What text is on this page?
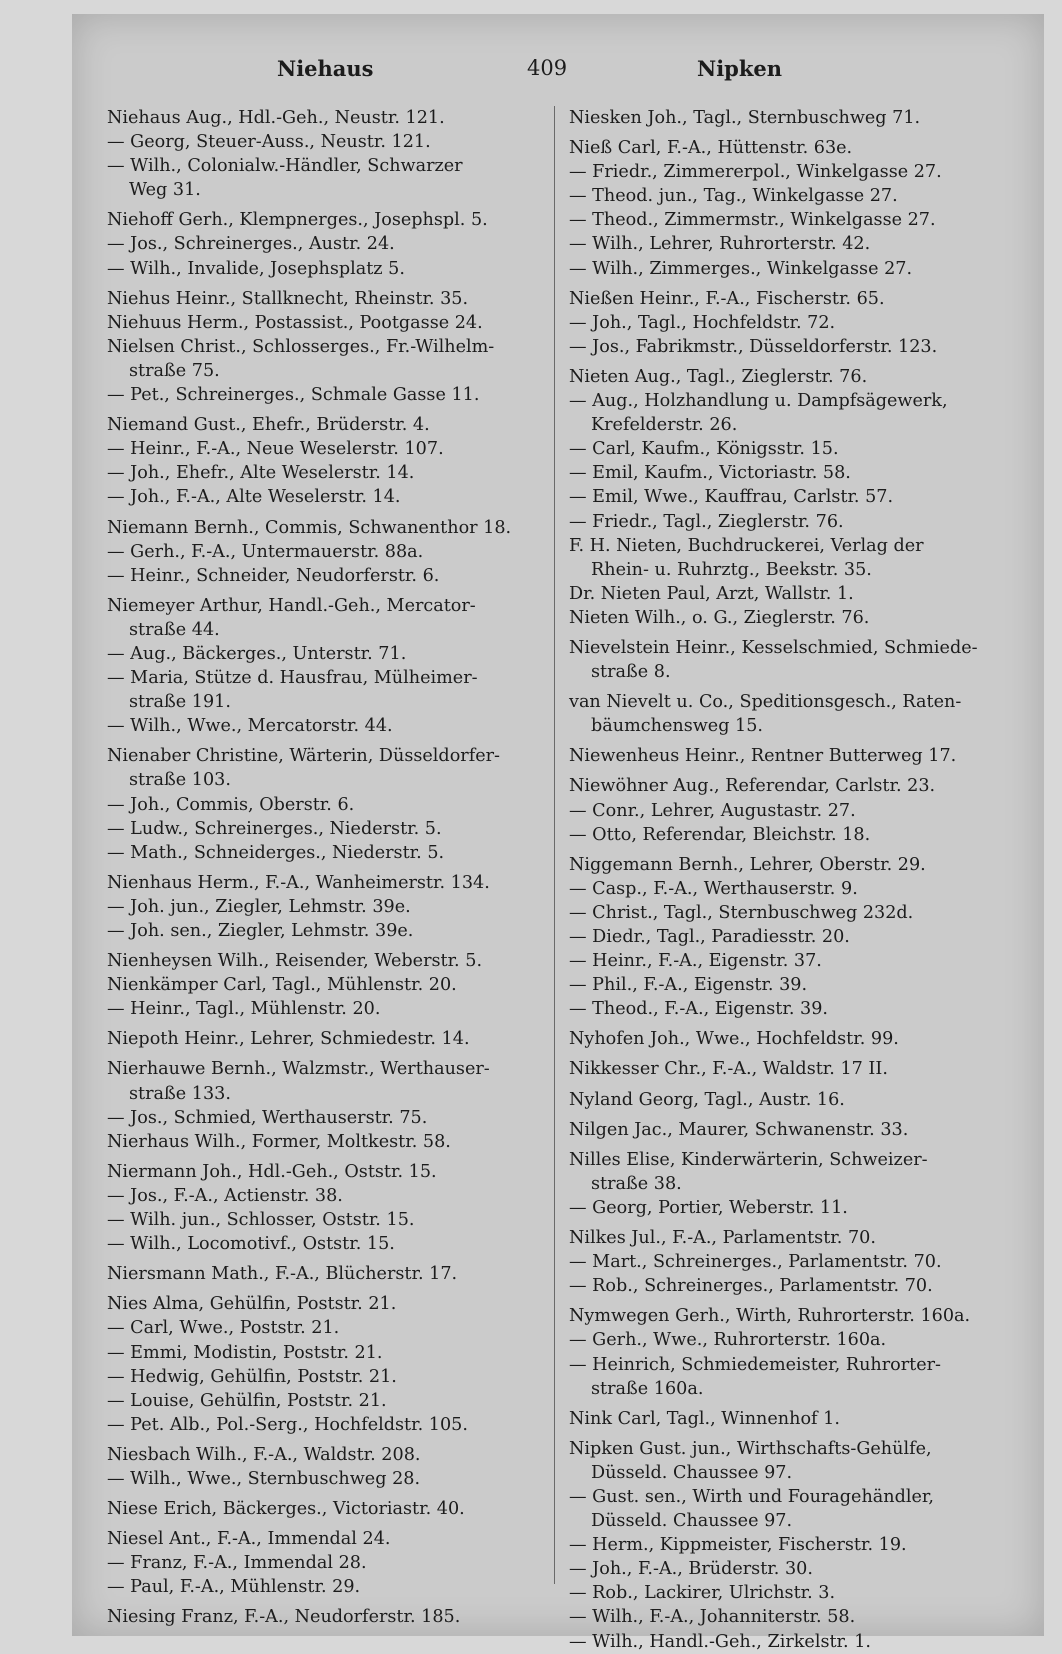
Niehaus	409	Nipken
Niehaus Aug., Hdl.-Geh., Neustr. 121.
— Georg, Steuer-Auss., Neustr. 121.
— Wilh., Colonialw.-Händler, Schwarzer
Weg 31.
Niehoff Gerh., Klempnerges., Josephspl. 5.
— Jos., Schreinerges., Austr. 24.
— Wilh., Invalide, Josephsplatz 5.
Niehus Heinr., Stallknecht, Rheinstr. 35.
Niehuus Herm., Postassist., Pootgasse 24.
Nielsen Christ., Schlosserges., Fr.-Wilhelm-
straße 75.
— Pet., Schreinerges., Schmale Gasse 11.
Niemand Gust., Ehefr., Brüderstr. 4.
— Heinr., F.-A., Neue Weselerstr. 107.
— Joh., Ehefr., Alte Weselerstr. 14.
— Joh., F.-A., Alte Weselerstr. 14.
Niemann Bernh., Commis, Schwanenthor 18.
— Gerh., F.-A., Untermauerstr. 88a.
— Heinr., Schneider, Neudorferstr. 6.
Niemeyer Arthur, Handl.-Geh., Mercator-
straße 44.
— Aug., Bäckerges., Unterstr. 71.
— Maria, Stütze d. Hausfrau, Mülheimer-
straße 191.
— Wilh., Wwe., Mercatorstr. 44.
Nienaber Christine, Wärterin, Düsseldorfer-
straße 103.
— Joh., Commis, Oberstr. 6.
— Ludw., Schreinerges., Niederstr. 5.
— Math., Schneiderges., Niederstr. 5.
Nienhaus Herm., F.-A., Wanheimerstr. 134.
— Joh. jun., Ziegler, Lehmstr. 39e.
— Joh. sen., Ziegler, Lehmstr. 39e.
Nienheysen Wilh., Reisender, Weberstr. 5.
Nienkämper Carl, Tagl., Mühlenstr. 20.
— Heinr., Tagl., Mühlenstr. 20.
Niepoth Heinr., Lehrer, Schmiedestr. 14.
Nierhauwe Bernh., Walzmstr., Werthauser-
straße 133.
— Jos., Schmied, Werthauserstr. 75.
Nierhaus Wilh., Former, Moltkestr. 58.
Niermann Joh., Hdl.-Geh., Oststr. 15.
— Jos., F.-A., Actienstr. 38.
— Wilh. jun., Schlosser, Oststr. 15.
— Wilh., Locomotivf., Oststr. 15.
Niersmann Math., F.-A., Blücherstr. 17.
Nies Alma, Gehülfin, Poststr. 21.
— Carl, Wwe., Poststr. 21.
— Emmi, Modistin, Poststr. 21.
— Hedwig, Gehülfin, Poststr. 21.
— Louise, Gehülfin, Poststr. 21.
— Pet. Alb., Pol.-Serg., Hochfeldstr. 105.
Niesbach Wilh., F.-A., Waldstr. 208.
— Wilh., Wwe., Sternbuschweg 28.
Niese Erich, Bäckerges., Victoriastr. 40.
Niesel Ant., F.-A., Immendal 24.
— Franz, F.-A., Immendal 28.
— Paul, F.-A., Mühlenstr. 29.
Niesing Franz, F.-A., Neudorferstr. 185.
Niesken Joh., Tagl., Sternbuschweg 71.
Nieß Carl, F.-A., Hüttenstr. 63e.
— Friedr., Zimmererpol., Winkelgasse 27.
— Theod. jun., Tag., Winkelgasse 27.
— Theod., Zimmermstr., Winkelgasse 27.
— Wilh., Lehrer, Ruhrorterstr. 42.
— Wilh., Zimmerges., Winkelgasse 27.
Nießen Heinr., F.-A., Fischerstr. 65.
— Joh., Tagl., Hochfeldstr. 72.
— Jos., Fabrikmstr., Düsseldorferstr. 123.
Nieten Aug., Tagl., Zieglerstr. 76.
— Aug., Holzhandlung u. Dampfsägewerk,
Krefelderstr. 26.
— Carl, Kaufm., Königsstr. 15.
— Emil, Kaufm., Victoriastr. 58.
— Emil, Wwe., Kauffrau, Carlstr. 57.
— Friedr., Tagl., Zieglerstr. 76.
F. H. Nieten, Buchdruckerei, Verlag der
Rhein- u. Ruhrztg., Beekstr. 35.
Dr. Nieten Paul, Arzt, Wallstr. 1.
Nieten Wilh., o. G., Zieglerstr. 76.
Nievelstein Heinr., Kesselschmied, Schmiede-
straße 8.
van Nievelt u. Co., Speditionsgesch., Raten-
bäumchensweg 15.
Niewenheus Heinr., Rentner Butterweg 17.
Niewöhner Aug., Referendar, Carlstr. 23.
— Conr., Lehrer, Augustastr. 27.
— Otto, Referendar, Bleichstr. 18.
Niggemann Bernh., Lehrer, Oberstr. 29.
— Casp., F.-A., Werthauserstr. 9.
— Christ., Tagl., Sternbuschweg 232d.
— Diedr., Tagl., Paradiesstr. 20.
— Heinr., F.-A., Eigenstr. 37.
— Phil., F.-A., Eigenstr. 39.
— Theod., F.-A., Eigenstr. 39.
Nyhofen Joh., Wwe., Hochfeldstr. 99.
Nikkesser Chr., F.-A., Waldstr. 17 II.
Nyland Georg, Tagl., Austr. 16.
Nilgen Jac., Maurer, Schwanenstr. 33.
Nilles Elise, Kinderwärterin, Schweizer-
straße 38.
— Georg, Portier, Weberstr. 11.
Nilkes Jul., F.-A., Parlamentstr. 70.
— Mart., Schreinerges., Parlamentstr. 70.
— Rob., Schreinerges., Parlamentstr. 70.
Nymwegen Gerh., Wirth, Ruhrorterstr. 160a.
— Gerh., Wwe., Ruhrorterstr. 160a.
— Heinrich, Schmiedemeister, Ruhrorter-
straße 160a.
Nink Carl, Tagl., Winnenhof 1.
Nipken Gust. jun., Wirthschafts-Gehülfe,
Düsseld. Chaussee 97.
— Gust. sen., Wirth und Fouragehändler,
Düsseld. Chaussee 97.
— Herm., Kippmeister, Fischerstr. 19.
— Joh., F.-A., Brüderstr. 30.
— Rob., Lackirer, Ulrichstr. 3.
— Wilh., F.-A., Johanniterstr. 58.
— Wilh., Handl.-Geh., Zirkelstr. 1.
